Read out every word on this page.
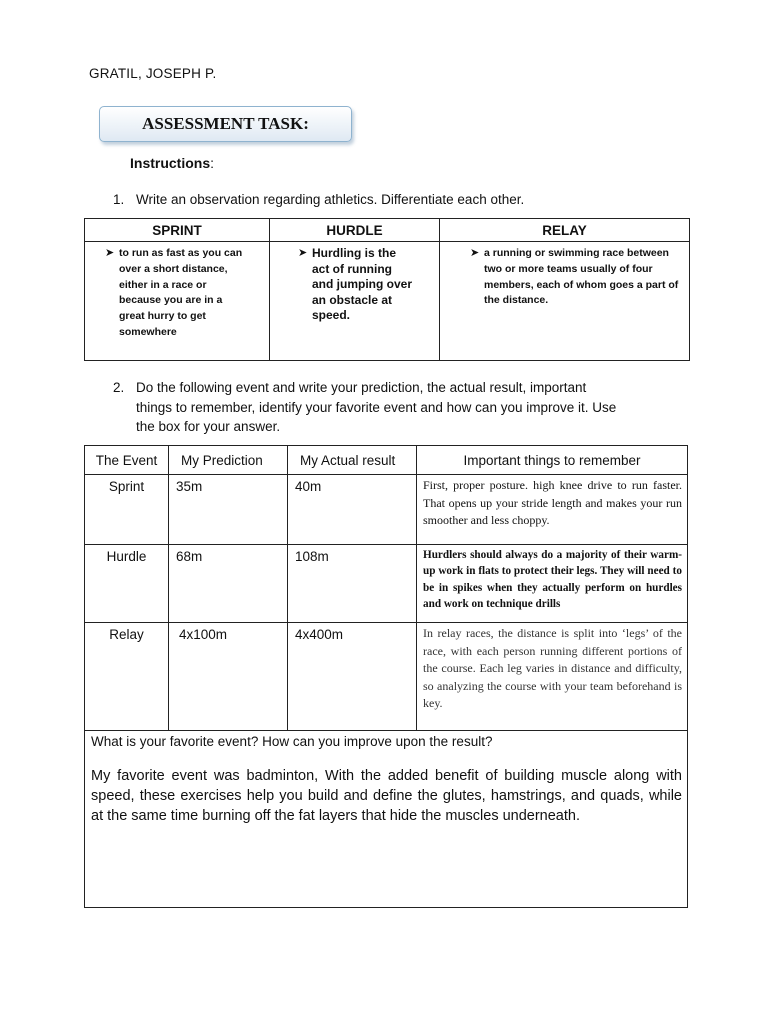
GRATIL, JOSEPH P.
ASSESSMENT TASK:
Instructions:
1. Write an observation regarding athletics. Differentiate each other.
SPRINT	HURDLE	RELAY

➤ to run as fast as you can over a short distance, either in a race or because you are in a great hurry to get somewhere	➤ Hurdling is the act of running and jumping over an obstacle at speed.	➤ a running or swimming race between two or more teams usually of four members, each of whom goes a part of the distance.
2. Do the following event and write your prediction, the actual result, important
things to remember, identify your favorite event and how can you improve it. Use
the box for your answer.
The Event	My Prediction	My Actual result	Important things to remember
Sprint	35m	40m	First, proper posture. high knee drive to run faster. That opens up your stride length and makes your run smoother and less choppy.
Hurdle	68m	108m	Hurdlers should always do a majority of their warm-up work in flats to protect their legs. They will need to be in spikes when they actually perform on hurdles and work on technique drills
Relay	4x100m	4x400m	In relay races, the distance is split into ‘legs’ of the race, with each person running different portions of the course. Each leg varies in distance and difficulty, so analyzing the course with your team beforehand is key.

What is your favorite event? How can you improve upon the result?
My favorite event was badminton, With the added benefit of building muscle along with speed, these exercises help you build and define the glutes, hamstrings, and quads, while at the same time burning off the fat layers that hide the muscles underneath.			
